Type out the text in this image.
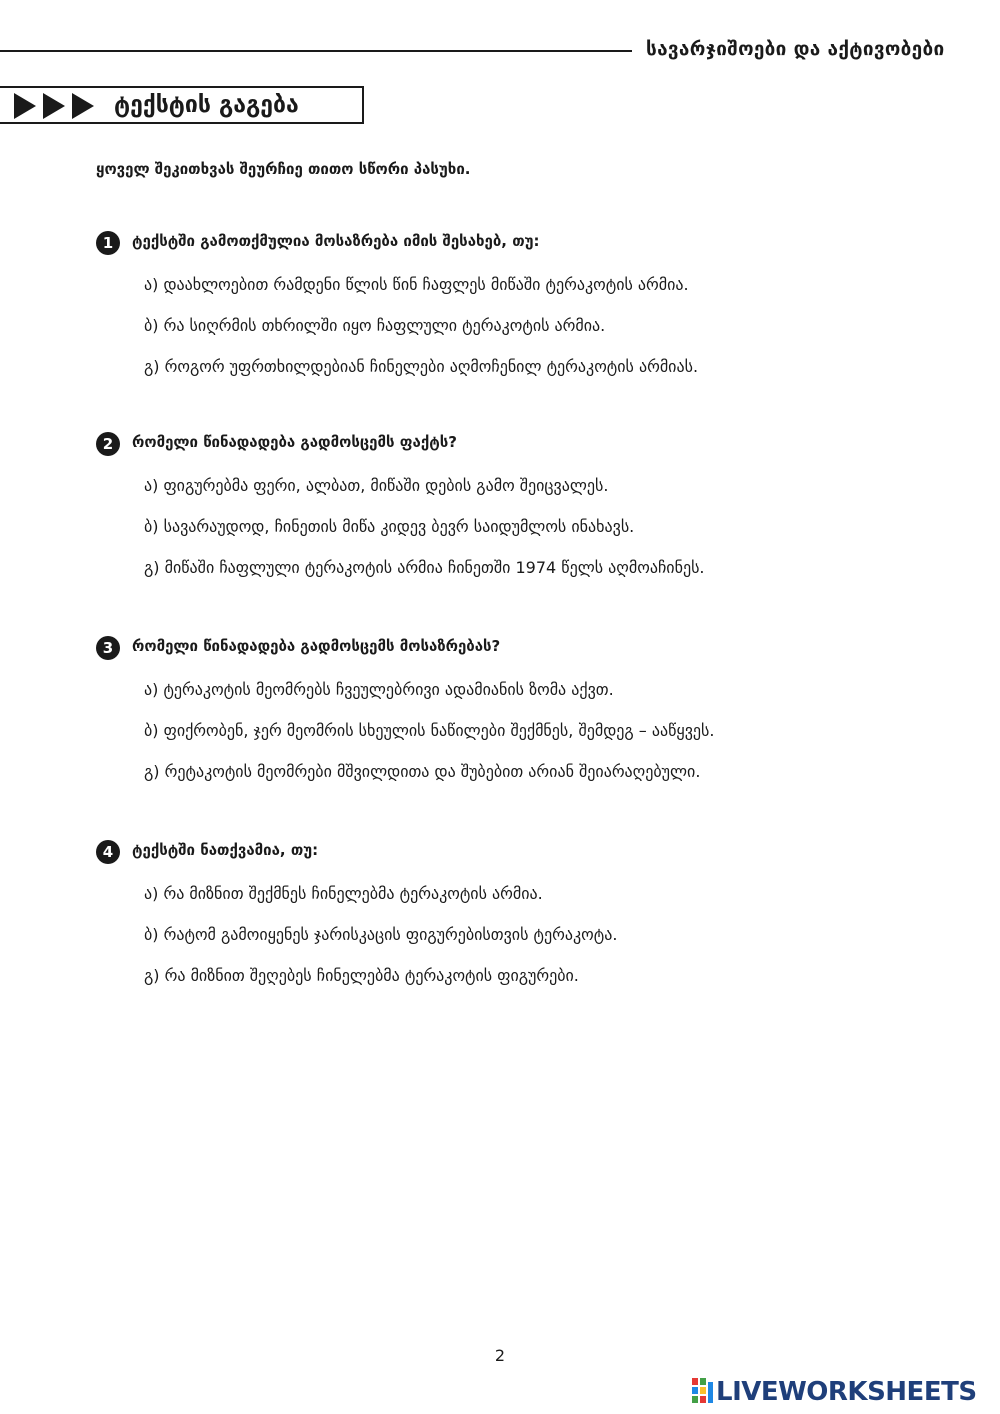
სავარჯიშოები და აქტივობები
ტექსტის გაგება
ყოველ შეკითხვას შეურჩიე თითო სწორი პასუხი.
1	ტექსტში გამოთქმულია მოსაზრება იმის შესახებ, თუ:
ა) დაახლოებით რამდენი წლის წინ ჩაფლეს მიწაში ტერაკოტის არმია.
ბ) რა სიღრმის თხრილში იყო ჩაფლული ტერაკოტის არმია.
გ) როგორ უფრთხილდებიან ჩინელები აღმოჩენილ ტერაკოტის არმიას.
2	რომელი წინადადება გადმოსცემს ფაქტს?
ა) ფიგურებმა ფერი, ალბათ, მიწაში დების გამო შეიცვალეს.
ბ) სავარაუდოდ, ჩინეთის მიწა კიდევ ბევრ საიდუმლოს ინახავს.
გ) მიწაში ჩაფლული ტერაკოტის არმია ჩინეთში 1974 წელს აღმოაჩინეს.
3	რომელი წინადადება გადმოსცემს მოსაზრებას?
ა) ტერაკოტის მეომრებს ჩვეულებრივი ადამიანის ზომა აქვთ.
ბ) ფიქრობენ, ჯერ მეომრის სხეულის ნაწილები შექმნეს, შემდეგ – ააწყვეს.
გ) რეტაკოტის მეომრები მშვილდითა და შუბებით არიან შეიარაღებული.
4	ტექსტში ნათქვამია, თუ:
ა) რა მიზნით შექმნეს ჩინელებმა ტერაკოტის არმია.
ბ) რატომ გამოიყენეს ჯარისკაცის ფიგურებისთვის ტერაკოტა.
გ) რა მიზნით შეღებეს ჩინელებმა ტერაკოტის ფიგურები.
2
LIVEWORKSHEETS
